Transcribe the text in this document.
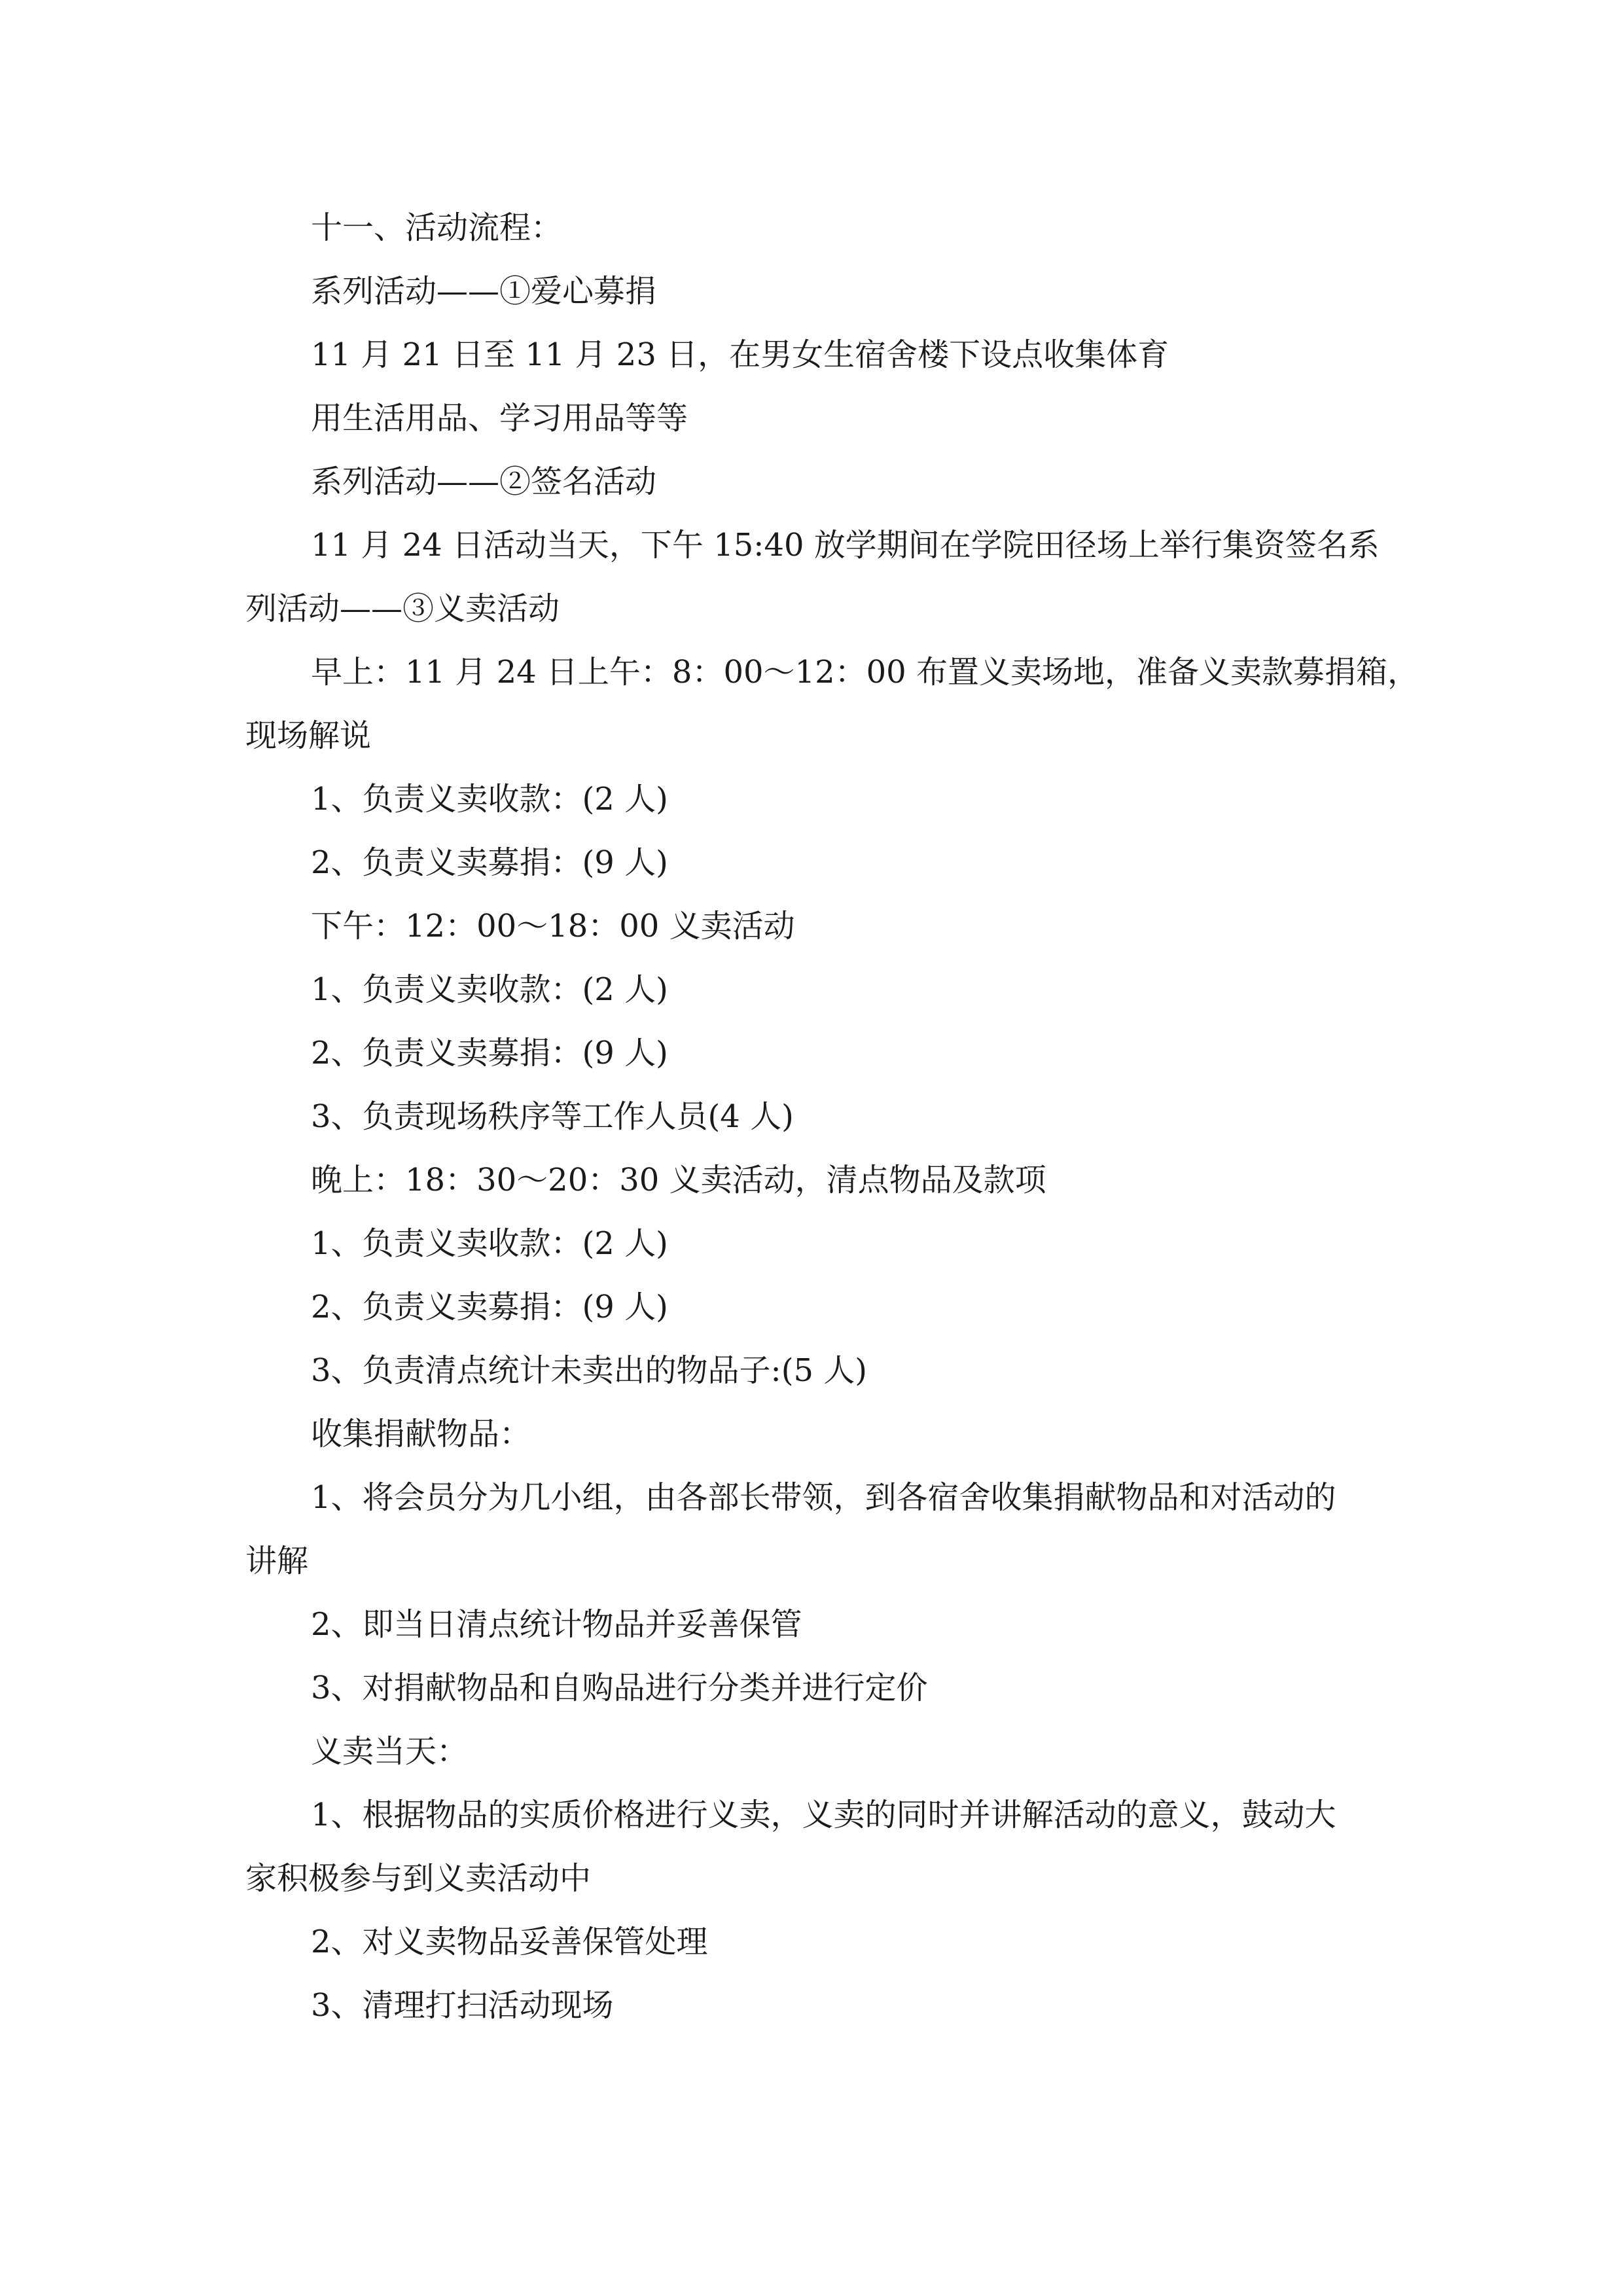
十一、活动流程：
系列活动——①爱心募捐
11 月 21 日至 11 月 23 日，在男女生宿舍楼下设点收集体育
用生活用品、学习用品等等
系列活动——②签名活动
11 月 24 日活动当天，下午 15:40 放学期间在学院田径场上举行集资签名系
列活动——③义卖活动
早上：11 月 24 日上午：8：00～12：00 布置义卖场地，准备义卖款募捐箱，
现场解说
1、负责义卖收款：(2 人)
2、负责义卖募捐：(9 人)
下午：12：00～18：00 义卖活动
1、负责义卖收款：(2 人)
2、负责义卖募捐：(9 人)
3、负责现场秩序等工作人员(4 人)
晚上：18：30～20：30 义卖活动，清点物品及款项
1、负责义卖收款：(2 人)
2、负责义卖募捐：(9 人)
3、负责清点统计未卖出的物品子:(5 人)
收集捐献物品：
1、将会员分为几小组，由各部长带领，到各宿舍收集捐献物品和对活动的
讲解
2、即当日清点统计物品并妥善保管
3、对捐献物品和自购品进行分类并进行定价
义卖当天：
1、根据物品的实质价格进行义卖，义卖的同时并讲解活动的意义，鼓动大
家积极参与到义卖活动中
2、对义卖物品妥善保管处理
3、清理打扫活动现场
